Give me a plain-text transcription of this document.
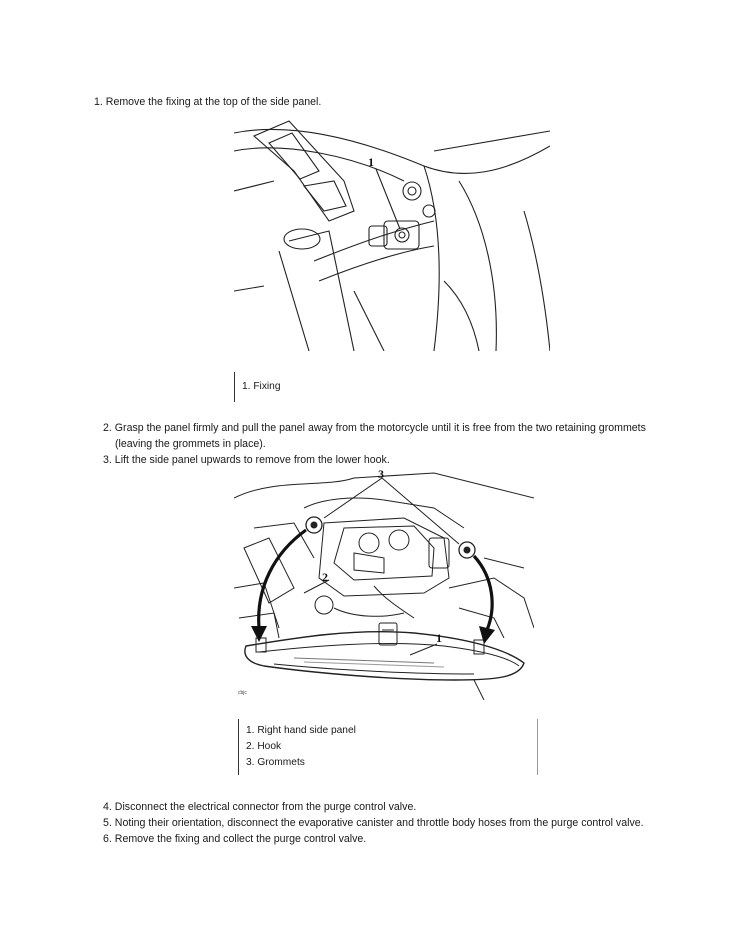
1. Remove the fixing at the top of the side panel.
1
1. Fixing
2. Grasp the panel firmly and pull the panel away from the motorcycle until it is free from the two retaining grommets
(leaving the grommets in place).
3. Lift the side panel upwards to remove from the lower hook.
3
2
1
cbjc
1. Right hand side panel
2. Hook
3. Grommets
4. Disconnect the electrical connector from the purge control valve.
5. Noting their orientation, disconnect the evaporative canister and throttle body hoses from the purge control valve.
6. Remove the fixing and collect the purge control valve.
